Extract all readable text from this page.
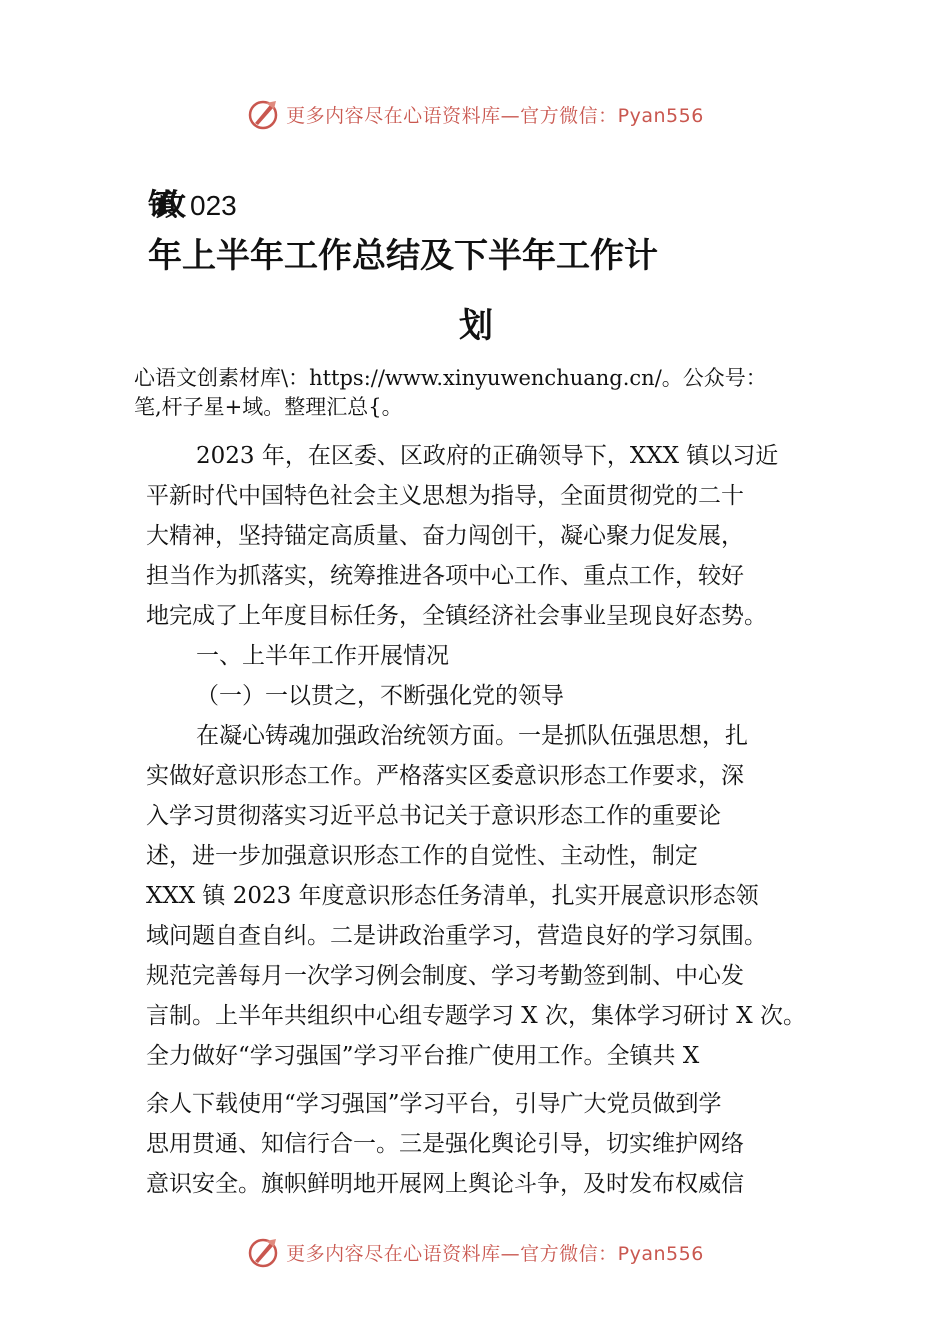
更多内容尽在心语资料库—官方微信：Pyan556
镇政 023
年上半年工作总结及下半年工作计
划
心语文创素材库\：https://www.xinyuwenchuang.cn/。公众号：
笔,杆子星+域。整理汇总{。
2023 年，在区委、区政府的正确领导下，XXX 镇以习近
平新时代中国特色社会主义思想为指导，全面贯彻党的二十
大精神，坚持锚定高质量、奋力闯创干，凝心聚力促发展，
担当作为抓落实，统筹推进各项中心工作、重点工作，较好
地完成了上年度目标任务，全镇经济社会事业呈现良好态势。
一、上半年工作开展情况
（一）一以贯之，不断强化党的领导
在凝心铸魂加强政治统领方面。一是抓队伍强思想，扎
实做好意识形态工作。严格落实区委意识形态工作要求，深
入学习贯彻落实习近平总书记关于意识形态工作的重要论
述，进一步加强意识形态工作的自觉性、主动性，制定
XXX 镇 2023 年度意识形态任务清单，扎实开展意识形态领
域问题自查自纠。二是讲政治重学习，营造良好的学习氛围。
规范完善每月一次学习例会制度、学习考勤签到制、中心发
言制。上半年共组织中心组专题学习 X 次，集体学习研讨 X 次。
全力做好“学习强国”学习平台推广使用工作。全镇共 X
余人下载使用“学习强国”学习平台，引导广大党员做到学
思用贯通、知信行合一。三是强化舆论引导，切实维护网络
意识安全。旗帜鲜明地开展网上舆论斗争，及时发布权威信
更多内容尽在心语资料库—官方微信：Pyan556
